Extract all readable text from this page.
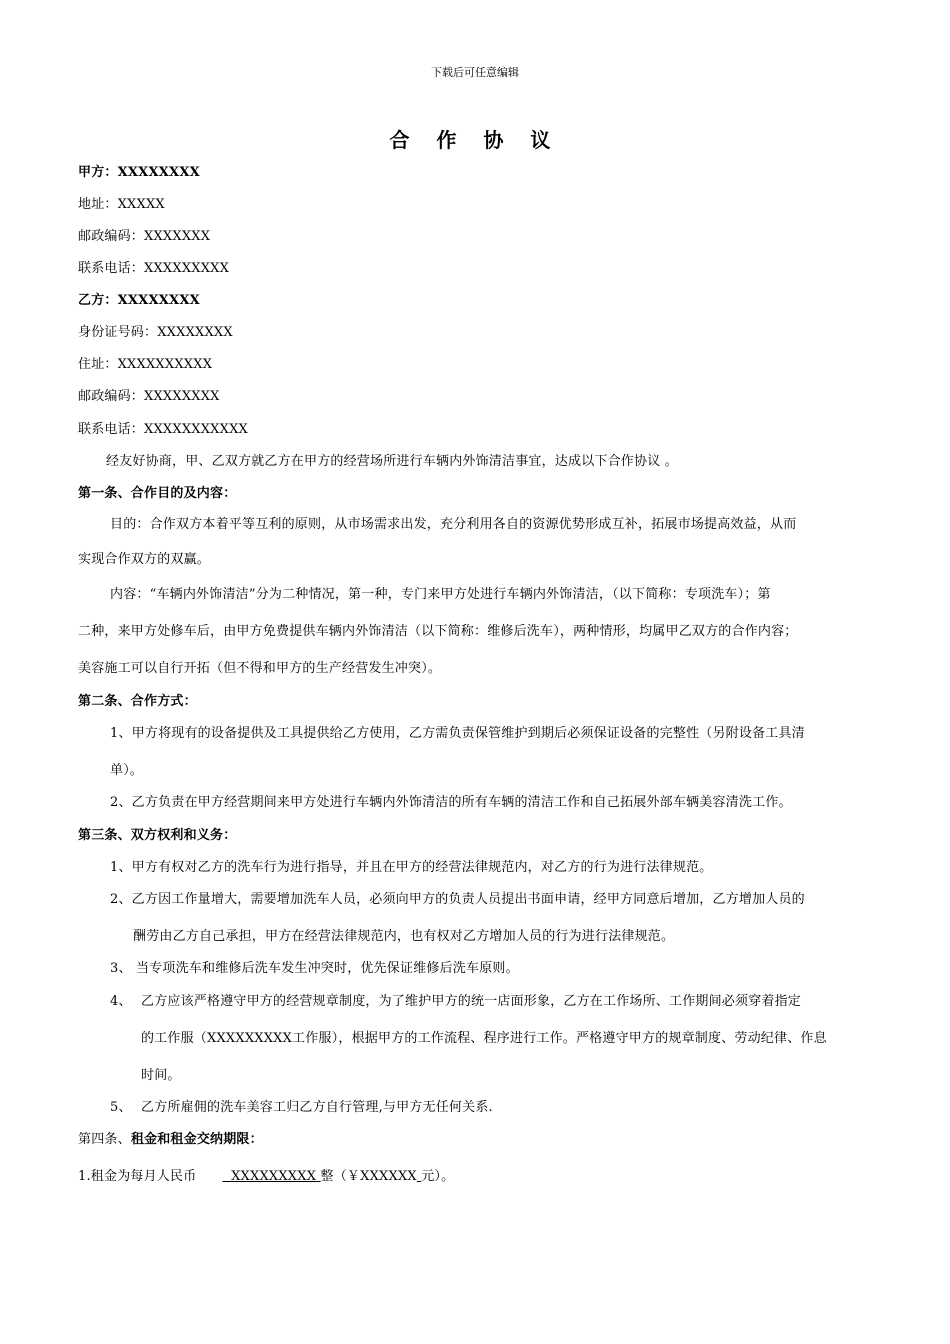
下载后可任意编辑
合 作 协 议
甲方：XXXXXXXX
地址：XXXXX
邮政编码：XXXXXXX
联系电话：XXXXXXXXX
乙方：XXXXXXXX
身份证号码：XXXXXXXX
住址：XXXXXXXXXX
邮政编码：XXXXXXXX
联系电话：XXXXXXXXXXX
经友好协商，甲、乙双方就乙方在甲方的经营场所进行车辆内外饰清洁事宜，达成以下合作协议 。
第一条、合作目的及内容：
目的：合作双方本着平等互利的原则，从市场需求出发，充分利用各自的资源优势形成互补，拓展市场提高效益，从而
实现合作双方的双赢。
内容：“车辆内外饰清洁”分为二种情况，第一种，专门来甲方处进行车辆内外饰清洁，（以下简称：专项洗车）；第
二种，来甲方处修车后，由甲方免费提供车辆内外饰清洁（以下简称：维修后洗车），两种情形，均属甲乙双方的合作内容；
美容施工可以自行开拓（但不得和甲方的生产经营发生冲突）。
第二条、合作方式：
1、甲方将现有的设备提供及工具提供给乙方使用，乙方需负责保管维护到期后必须保证设备的完整性（另附设备工具清
单）。
2、乙方负责在甲方经营期间来甲方处进行车辆内外饰清洁的所有车辆的清洁工作和自己拓展外部车辆美容清洗工作。
第三条、双方权利和义务：
1、甲方有权对乙方的洗车行为进行指导，并且在甲方的经营法律规范内，对乙方的行为进行法律规范。
2、乙方因工作量增大，需要增加洗车人员，必须向甲方的负责人员提出书面申请，经甲方同意后增加，乙方增加人员的
酬劳由乙方自己承担，甲方在经营法律规范内，也有权对乙方增加人员的行为进行法律规范。
3、 当专项洗车和维修后洗车发生冲突时，优先保证维修后洗车原则。
4、 乙方应该严格遵守甲方的经营规章制度，为了维护甲方的统一店面形象，乙方在工作场所、工作期间必须穿着指定
的工作服（XXXXXXXXX工作服），根据甲方的工作流程、程序进行工作。严格遵守甲方的规章制度、劳动纪律、作息
时间。
5、 乙方所雇佣的洗车美容工归乙方自行管理,与甲方无任何关系.
第四条、租金和租金交纳期限：
1.租金为每月人民币	XXXXXXXXX 整（￥XXXXXX 元）。
